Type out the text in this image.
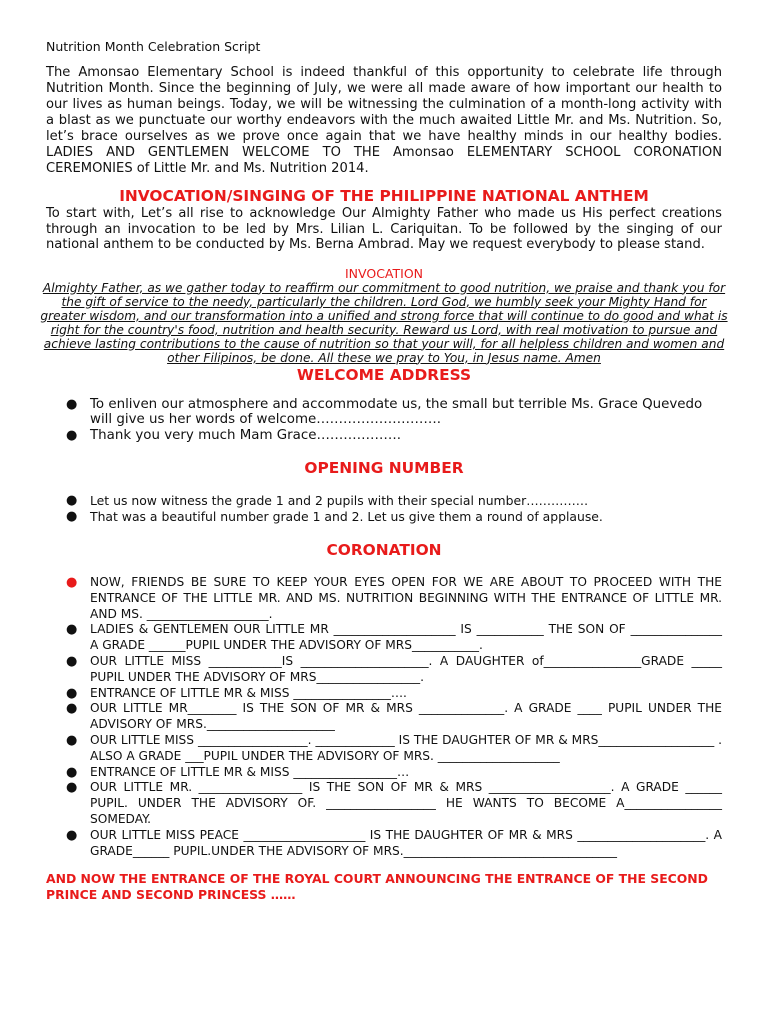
Nutrition Month Celebration Script

The Amonsao Elementary School is indeed thankful of this opportunity to celebrate life through Nutrition Month. Since the beginning of July, we were all made aware of how important our health to our lives as human beings. Today, we will be witnessing the culmination of a month-long activity with a blast as we punctuate our worthy endeavors with the much awaited Little Mr. and Ms. Nutrition. So, let’s brace ourselves as we prove once again that we have healthy minds in our healthy bodies. LADIES AND GENTLEMEN WELCOME TO THE Amonsao ELEMENTARY SCHOOL CORONATION CEREMONIES of Little Mr. and Ms. Nutrition 2014.

INVOCATION/SINGING OF THE PHILIPPINE NATIONAL ANTHEM

To start with, Let’s all rise to acknowledge Our Almighty Father who made us His perfect creations through an invocation to be led by Mrs. Lilian L. Cariquitan. To be followed by the singing of our national anthem to be conducted by Ms. Berna Ambrad. May we request everybody to please stand.

INVOCATION

Almighty Father, as we gather today to reaffirm our commitment to good nutrition, we praise and thank you for the gift of service to the needy, particularly the children. Lord God, we humbly seek your Mighty Hand for greater wisdom, and our transformation into a unified and strong force that will continue to do good and what is right for the country's food, nutrition and health security. Reward us Lord, with real motivation to pursue and achieve lasting contributions to the cause of nutrition so that your will, for all helpless children and women and other Filipinos, be done. All these we pray to You, in Jesus name. Amen

WELCOME ADDRESS
● To enliven our atmosphere and accommodate us, the small but terrible Ms. Grace Quevedo will give us her words of welcome……………………….
● Thank you very much Mam Grace……………….
OPENING NUMBER
● Let us now witness the grade 1 and 2 pupils with their special number……………
● That was a beautiful number grade 1 and 2. Let us give them a round of applause.
CORONATION
● NOW, FRIENDS BE SURE TO KEEP YOUR EYES OPEN FOR WE ARE ABOUT TO PROCEED WITH THE ENTRANCE OF THE LITTLE MR. AND MS. NUTRITION BEGINNING WITH THE ENTRANCE OF LITTLE MR. AND MS. ____________________.
● LADIES & GENTLEMEN OUR LITTLE MR ____________________ IS ___________ THE SON OF _______________ A GRADE ______PUPIL UNDER THE ADVISORY OF MRS___________.
● OUR LITTLE MISS ____________IS _____________________. A DAUGHTER of________________GRADE _____ PUPIL UNDER THE ADVISORY OF MRS_________________.
● ENTRANCE OF LITTLE MR & MISS ________________….
● OUR LITTLE MR________ IS THE SON OF MR & MRS ______________. A GRADE ____ PUPIL UNDER THE ADVISORY OF MRS._____________________
● OUR LITTLE MISS __________________. _____________ IS THE DAUGHTER OF MR & MRS___________________ . ALSO A GRADE ___PUPIL UNDER THE ADVISORY OF MRS. ____________________
● ENTRANCE OF LITTLE MR & MISS _________________…
● OUR LITTLE MR. _________________ IS THE SON OF MR & MRS ____________________. A GRADE ______ PUPIL. UNDER THE ADVISORY OF. __________________ HE WANTS TO BECOME A________________ SOMEDAY.
● OUR LITTLE MISS PEACE ____________________ IS THE DAUGHTER OF MR & MRS _____________________. A GRADE______ PUPIL.UNDER THE ADVISORY OF MRS.___________________________________

AND NOW THE ENTRANCE OF THE ROYAL COURT ANNOUNCING THE ENTRANCE OF THE SECOND PRINCE AND SECOND PRINCESS ……
